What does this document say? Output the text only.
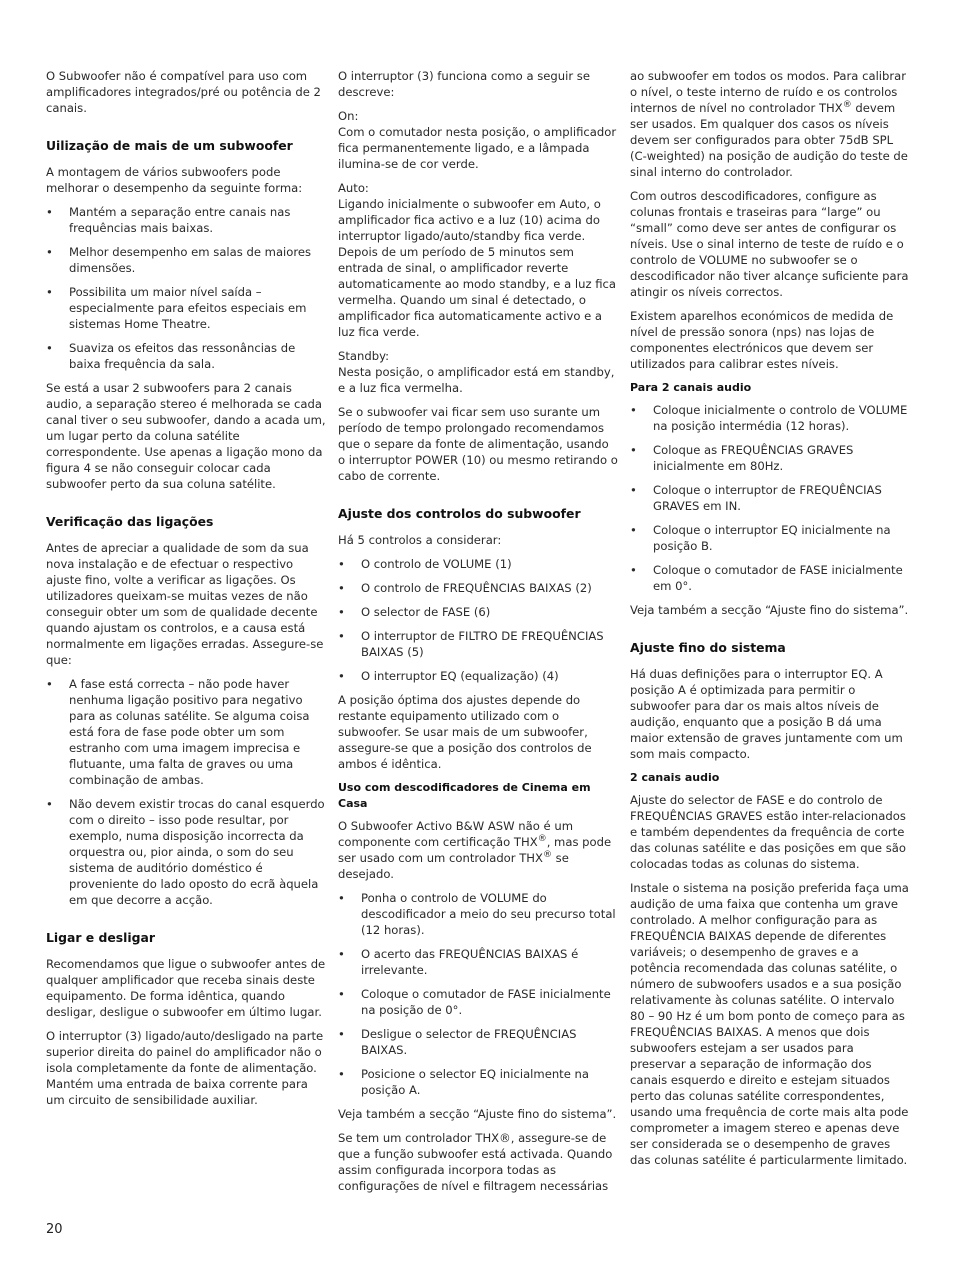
O Subwoofer não é compatível para uso com amplificadores integrados/pré ou potência de 2 canais.

Uilização de mais de um subwoofer

A montagem de vários subwoofers pode melhorar o desempenho da seguinte forma:

• Mantém a separação entre canais nas frequências mais baixas.
• Melhor desempenho em salas de maiores dimensões.
• Possibilita um maior nível saída – especialmente para efeitos especiais em sistemas Home Theatre.
• Suaviza os efeitos das ressonâncias de baixa frequência da sala.

Se está a usar 2 subwoofers para 2 canais audio, a separação stereo é melhorada se cada canal tiver o seu subwoofer, dando a acada um, um lugar perto da coluna satélite correspondente. Use apenas a ligação mono da figura 4 se não conseguir colocar cada subwoofer perto da sua coluna satélite.

Verificação das ligações

Antes de apreciar a qualidade de som da sua nova instalação e de efectuar o respectivo ajuste fino, volte a verificar as ligações. Os utilizadores queixam-se muitas vezes de não conseguir obter um som de qualidade decente quando ajustam os controlos, e a causa está normalmente em ligações erradas. Assegure-se que:

• A fase está correcta – não pode haver nenhuma ligação positivo para negativo para as colunas satélite. Se alguma coisa está fora de fase pode obter um som estranho com uma imagem imprecisa e flutuante, uma falta de graves ou uma combinação de ambas.
• Não devem existir trocas do canal esquerdo com o direito – isso pode resultar, por exemplo, numa disposição incorrecta da orquestra ou, pior ainda, o som do seu sistema de auditório doméstico é proveniente do lado oposto do ecrã àquela em que decorre a acção.
Ligar e desligar

Recomendamos que ligue o subwoofer antes de qualquer amplificador que receba sinais deste equipamento. De forma idêntica, quando desligar, desligue o subwoofer em último lugar.

O interruptor (3) ligado/auto/desligado na parte superior direita do painel do amplificador não o isola completamente da fonte de alimentação. Mantém uma entrada de baixa corrente para um circuito de sensibilidade auxiliar.

O interruptor (3) funciona como a seguir se descreve:

On:
Com o comutador nesta posição, o amplificador fica permanentemente ligado, e a lâmpada ilumina-se de cor verde.

Auto:
Ligando inicialmente o subwoofer em Auto, o amplificador fica activo e a luz (10) acima do interruptor ligado/auto/standby fica verde. Depois de um período de 5 minutos sem entrada de sinal, o amplificador reverte automaticamente ao modo standby, e a luz fica vermelha. Quando um sinal é detectado, o amplificador fica automaticamente activo e a luz fica verde.

Standby:
Nesta posição, o amplificador está em standby, e a luz fica vermelha.

Se o subwoofer vai ficar sem uso surante um período de tempo prolongado recomendamos que o separe da fonte de alimentação, usando o interruptor POWER (10) ou mesmo retirando o cabo de corrente.

Ajuste dos controlos do subwoofer

Há 5 controlos a considerar:

• O controlo de VOLUME (1)
• O controlo de FREQUÊNCIAS BAIXAS (2)
• O selector de FASE (6)
• O interruptor de FILTRO DE FREQUÊNCIAS BAIXAS (5)
• O interruptor EQ (equalização) (4)

A posição óptima dos ajustes depende do restante equipamento utilizado com o subwoofer. Se usar mais de um subwoofer, assegure-se que a posição dos controlos de ambos é idêntica.

Uso com descodificadores de Cinema em Casa

O Subwoofer Activo B&W ASW não é um componente com certificação THX®, mas pode ser usado com um controlador THX® se desejado.

• Ponha o controlo de VOLUME do descodificador a meio do seu precurso total (12 horas).
• O acerto das FREQUÊNCIAS BAIXAS é irrelevante.
• Coloque o comutador de FASE inicialmente na posição de 0°.
• Desligue o selector de FREQUÊNCIAS BAIXAS.
• Posicione o selector EQ inicialmente na posição A.

Veja também a secção “Ajuste fino do sistema”.

Se tem um controlador THX®, assegure-se de que a função subwoofer está activada. Quando assim configurada incorpora todas as configurações de nível e filtragem necessárias

ao subwoofer em todos os modos. Para calibrar o nível, o teste interno de ruído e os controlos internos de nível no controlador THX® devem ser usados. Em qualquer dos casos os níveis devem ser configurados para obter 75dB SPL (C-weighted) na posição de audição do teste de sinal interno do controlador.

Com outros descodificadores, configure as colunas frontais e traseiras para “large” ou “small” como deve ser antes de configurar os níveis. Use o sinal interno de teste de ruído e o controlo de VOLUME no subwoofer se o descodificador não tiver alcançe suficiente para atingir os níveis correctos.

Existem aparelhos económicos de medida de nível de pressão sonora (nps) nas lojas de componentes electrónicos que devem ser utilizados para calibrar estes níveis.

Para 2 canais audio
• Coloque inicialmente o controlo de VOLUME na posição intermédia (12 horas).
• Coloque as FREQUÊNCIAS GRAVES inicialmente em 80Hz.
• Coloque o interruptor de FREQUÊNCIAS GRAVES em IN.
• Coloque o interruptor EQ inicialmente na posição B.
• Coloque o comutador de FASE inicialmente em 0°.

Veja também a secção “Ajuste fino do sistema”.

Ajuste fino do sistema

Há duas definições para o interruptor EQ. A posição A é optimizada para permitir o subwoofer para dar os mais altos níveis de audição, enquanto que a posição B dá uma maior extensão de graves juntamente com um som mais compacto.

2 canais audio

Ajuste do selector de FASE e do controlo de FREQUÊNCIAS GRAVES estão inter-relacionados e também dependentes da frequência de corte das colunas satélite e das posições em que são colocadas todas as colunas do sistema.

Instale o sistema na posição preferida faça uma audição de uma faixa que contenha um grave controlado. A melhor configuração para as FREQUÊNCIA BAIXAS depende de diferentes variáveis; o desempenho de graves e a potência recomendada das colunas satélite, o número de subwoofers usados e a sua posição relativamente às colunas satélite. O intervalo 80 – 90 Hz é um bom ponto de começo para as FREQUÊNCIAS BAIXAS. A menos que dois subwoofers estejam a ser usados para preservar a separação de informação dos canais esquerdo e direito e estejam situados perto das colunas satélite correspondentes, usando uma frequência de corte mais alta pode comprometer a imagem stereo e apenas deve ser considerada se o desempenho de graves das colunas satélite é particularmente limitado.

20
